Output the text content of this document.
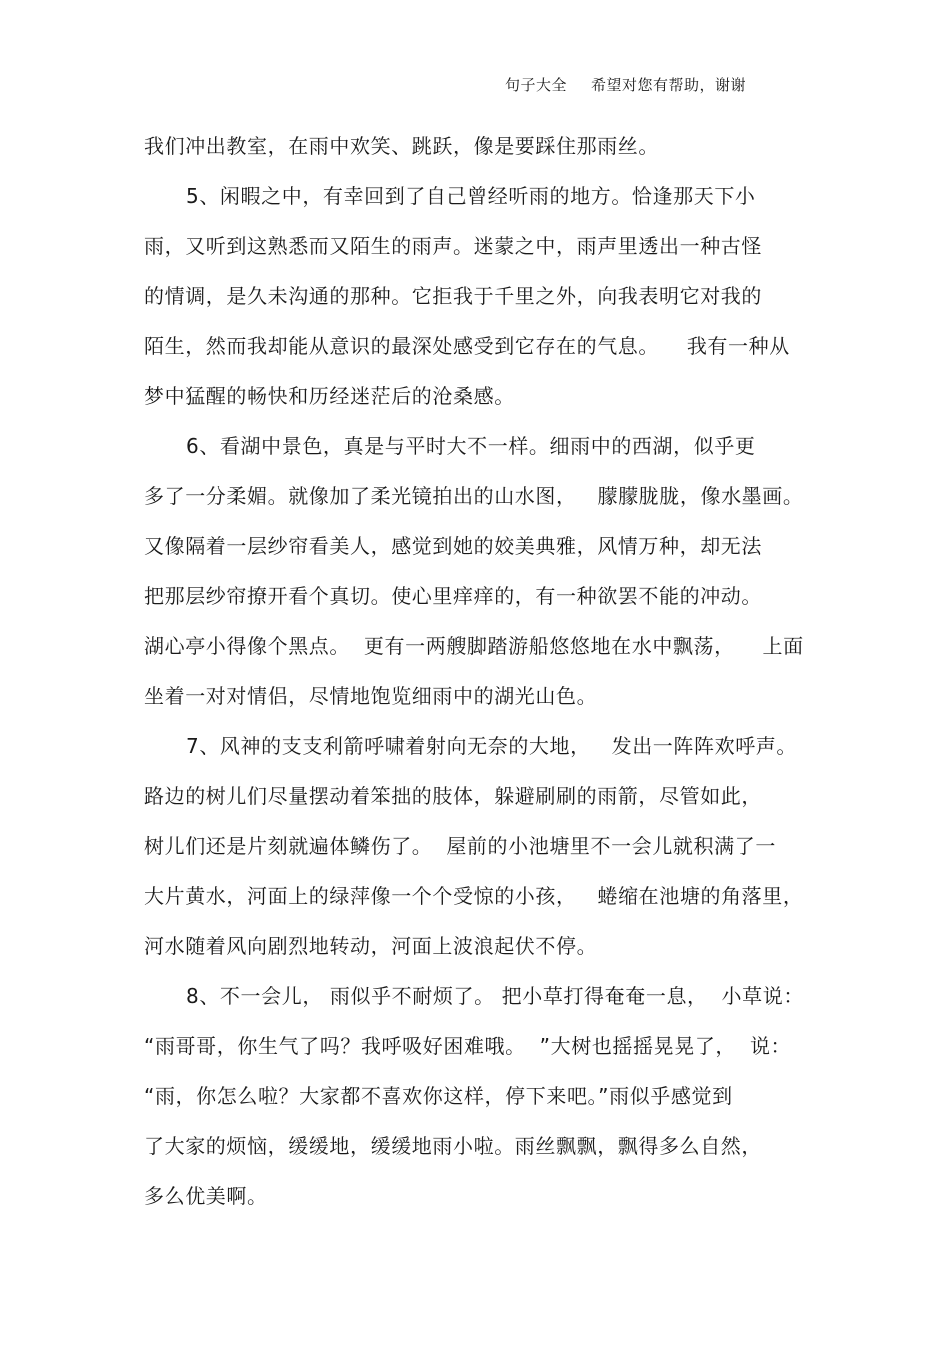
句子大全 希望对您有帮助，谢谢
我们冲出教室，在雨中欢笑、跳跃，像是要踩住那雨丝。
5、闲暇之中，有幸回到了自己曾经听雨的地方。恰逢那天下小
雨，又听到这熟悉而又陌生的雨声。迷蒙之中，雨声里透出一种古怪
的情调，是久未沟通的那种。它拒我于千里之外，向我表明它对我的
陌生，然而我却能从意识的最深处感受到它存在的气息。    我有一种从
梦中猛醒的畅快和历经迷茫后的沧桑感。
6、看湖中景色，真是与平时大不一样。细雨中的西湖，似乎更
多了一分柔媚。就像加了柔光镜拍出的山水图，   朦朦胧胧，像水墨画。
又像隔着一层纱帘看美人，感觉到她的姣美典雅，风情万种，却无法
把那层纱帘撩开看个真切。使心里痒痒的，有一种欲罢不能的冲动。
湖心亭小得像个黑点。  更有一两艘脚踏游船悠悠地在水中飘荡，    上面
坐着一对对情侣，尽情地饱览细雨中的湖光山色。
7、风神的支支利箭呼啸着射向无奈的大地，   发出一阵阵欢呼声。
路边的树儿们尽量摆动着笨拙的肢体，躲避刷刷的雨箭，尽管如此，
树儿们还是片刻就遍体鳞伤了。  屋前的小池塘里不一会儿就积满了一
大片黄水，河面上的绿萍像一个个受惊的小孩，   蜷缩在池塘的角落里，
河水随着风向剧烈地转动，河面上波浪起伏不停。
8、不一会儿， 雨似乎不耐烦了。 把小草打得奄奄一息，  小草说：
“雨哥哥，你生气了吗？我呼吸好困难哦。  ”大树也摇摇晃晃了，  说：
“雨，你怎么啦？大家都不喜欢你这样，停下来吧。”雨似乎感觉到
了大家的烦恼，缓缓地，缓缓地雨小啦。雨丝飘飘，飘得多么自然，
多么优美啊。
